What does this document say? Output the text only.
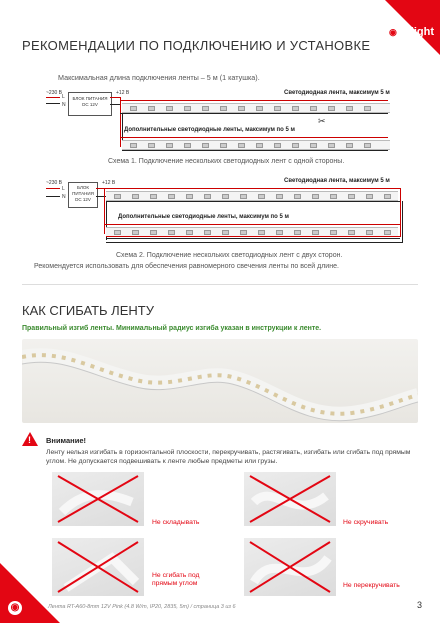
◉ arlight
РЕКОМЕНДАЦИИ ПО ПОДКЛЮЧЕНИЮ И УСТАНОВКЕ
Максимальная длина подключения ленты – 5 м (1 катушка).
~230 В	+12 В
L
N
БЛОК ПИТАНИЯ
DC 12V
Светодиодная лента, максимум 5 м
✂
Дополнительные светодиодные ленты, максимум по 5 м
Схема 1. Подключение нескольких светодиодных лент с одной стороны.
~230 В	+12 В
L
N
БЛОК ПИТАНИЯ
DC 12V
Светодиодная лента, максимум 5 м
Дополнительные светодиодные ленты, максимум по 5 м
Схема 2. Подключение нескольких светодиодных лент с двух сторон.
Рекомендуется использовать для обеспечения равномерного свечения ленты по всей длине.
КАК СГИБАТЬ ЛЕНТУ
Правильный изгиб ленты. Минимальный радиус изгиба указан в инструкции к ленте.
! Внимание!
Ленту нельзя изгибать в горизонтальной плоскости, перекручивать, растягивать, изгибать или сгибать под прямым углом. Не допускается подвешивать к ленте любые предметы или грузы.
Не складывать	Не скручивать
Не сгибать под прямым углом	Не перекручивать
◉	Лента RT-A60-8mm 12V Pink (4.8 W/m, IP20, 2835, 5m) / страница 3 из 6	3
